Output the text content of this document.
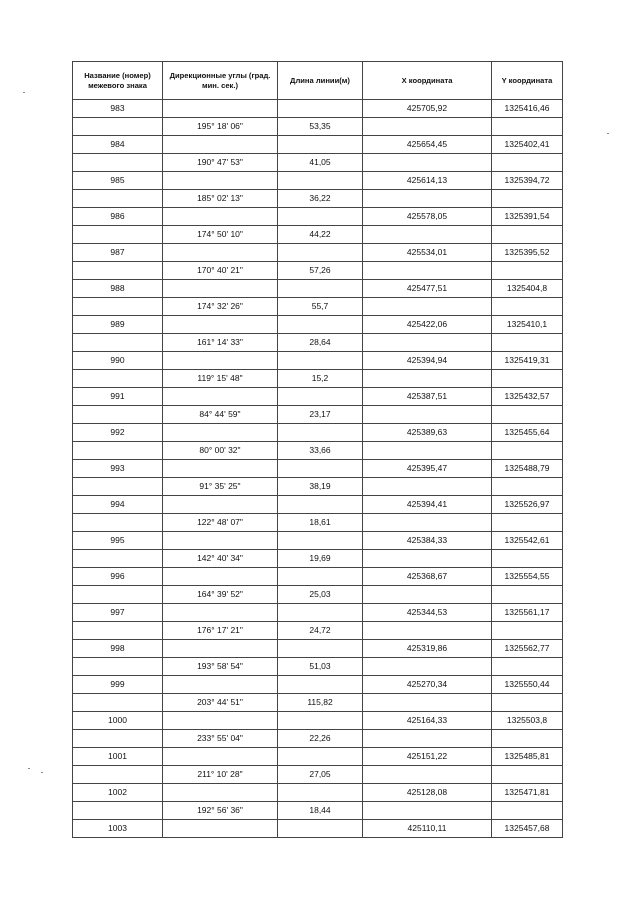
Название (номер) межевого знака	Дирекционные углы (град. мин. сек.)	Длина линии(м)	X координата	Y координата
983			425705,92	1325416,46
	195° 18' 06"	53,35		
984			425654,45	1325402,41
	190° 47' 53"	41,05		
985			425614,13	1325394,72
	185° 02' 13"	36,22		
986			425578,05	1325391,54
	174° 50' 10"	44,22		
987			425534,01	1325395,52
	170° 40' 21"	57,26		
988			425477,51	1325404,8
	174° 32' 26"	55,7		
989			425422,06	1325410,1
	161° 14' 33"	28,64		
990			425394,94	1325419,31
	119° 15' 48"	15,2		
991			425387,51	1325432,57
	84° 44' 59"	23,17		
992			425389,63	1325455,64
	80° 00' 32"	33,66		
993			425395,47	1325488,79
	91° 35' 25"	38,19		
994			425394,41	1325526,97
	122° 48' 07"	18,61		
995			425384,33	1325542,61
	142° 40' 34"	19,69		
996			425368,67	1325554,55
	164° 39' 52"	25,03		
997			425344,53	1325561,17
	176° 17' 21"	24,72		
998			425319,86	1325562,77
	193° 58' 54"	51,03		
999			425270,34	1325550,44
	203° 44' 51"	115,82		
1000			425164,33	1325503,8
	233° 55' 04"	22,26		
1001			425151,22	1325485,81
	211° 10' 28"	27,05		
1002			425128,08	1325471,81
	192° 56' 36"	18,44		
1003			425110,11	1325457,68
